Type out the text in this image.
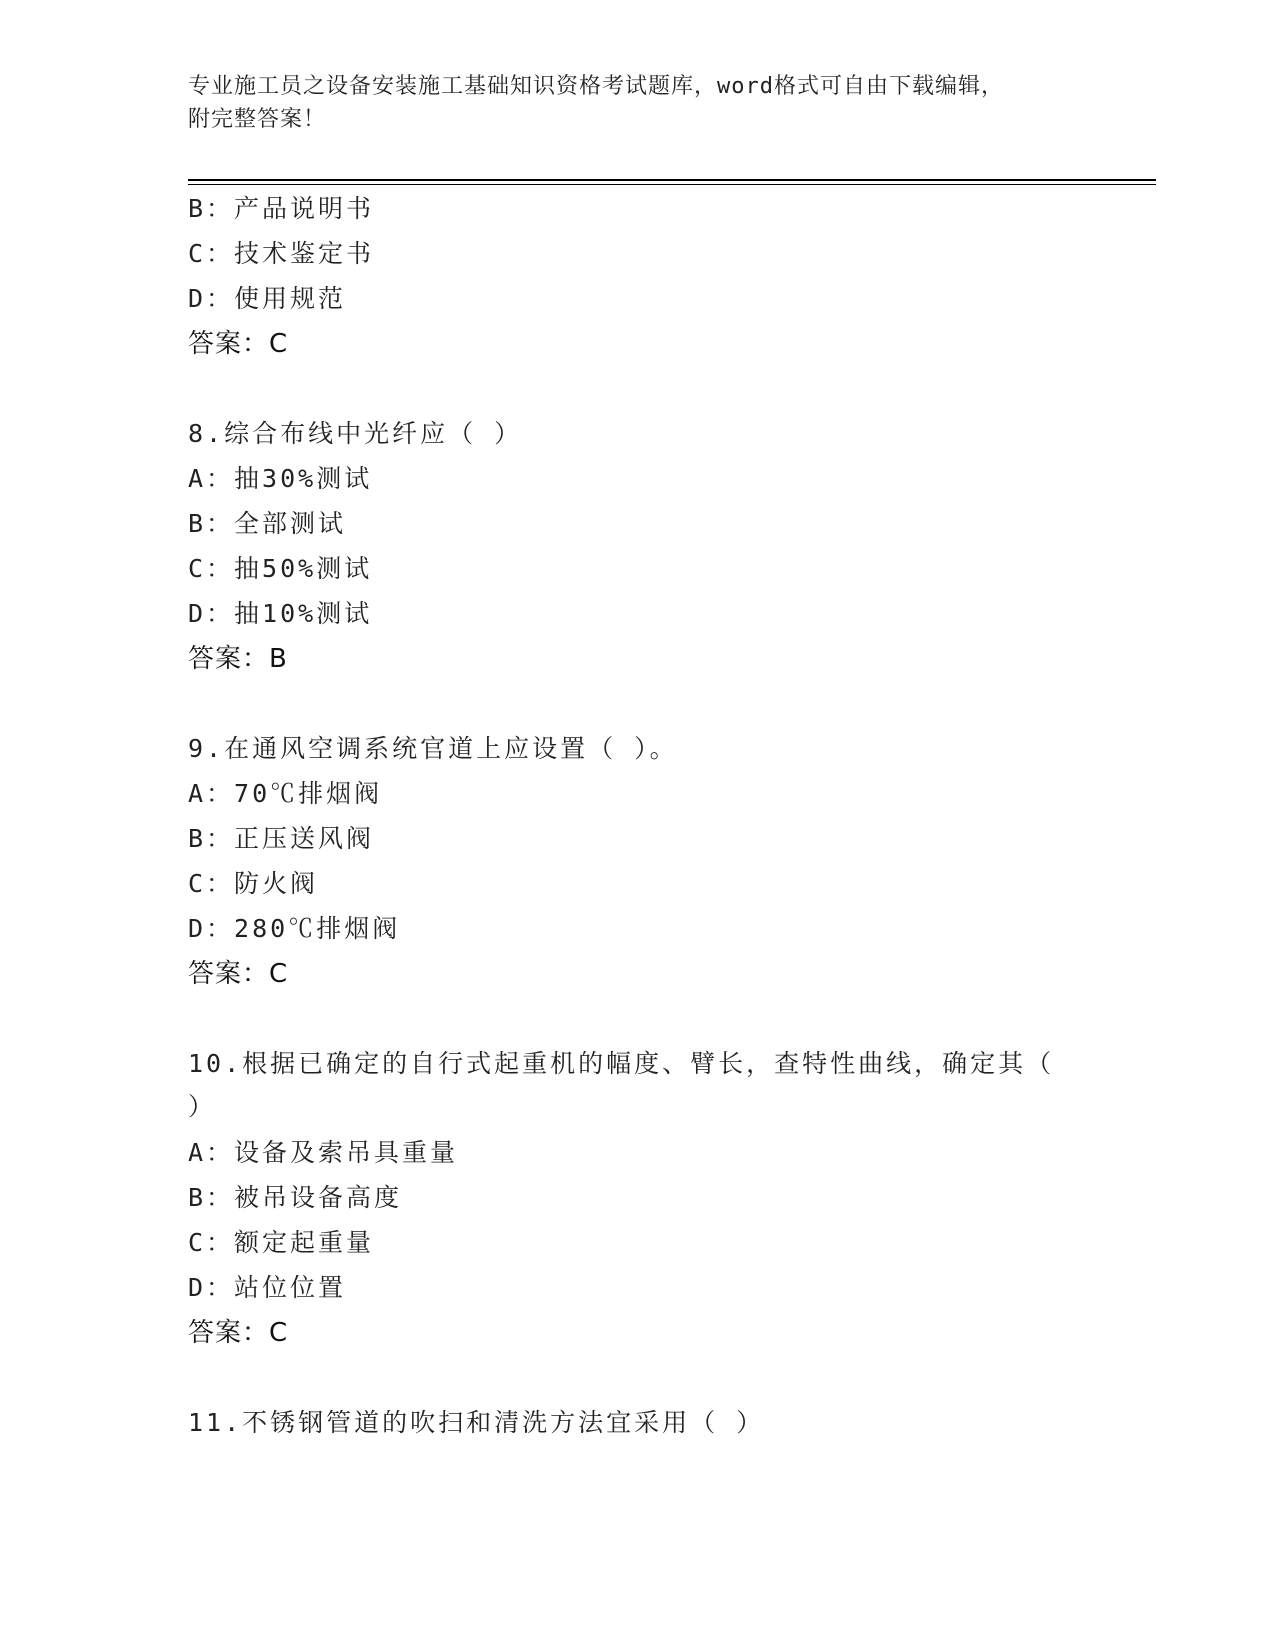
专业施工员之设备安装施工基础知识资格考试题库，word格式可自由下载编辑，
附完整答案！
B：产品说明书
C：技术鉴定书
D：使用规范
答案：C
8.综合布线中光纤应（ ）
A：抽30%测试
B：全部测试
C：抽50%测试
D：抽10%测试
答案：B
9.在通风空调系统官道上应设置（ ）。
A：70℃排烟阀
B：正压送风阀
C：防火阀
D：280℃排烟阀
答案：C
10.根据已确定的自行式起重机的幅度、臂长，查特性曲线，确定其（
）
A：设备及索吊具重量
B：被吊设备高度
C：额定起重量
D：站位位置
答案：C
11.不锈钢管道的吹扫和清洗方法宜采用（ ）
